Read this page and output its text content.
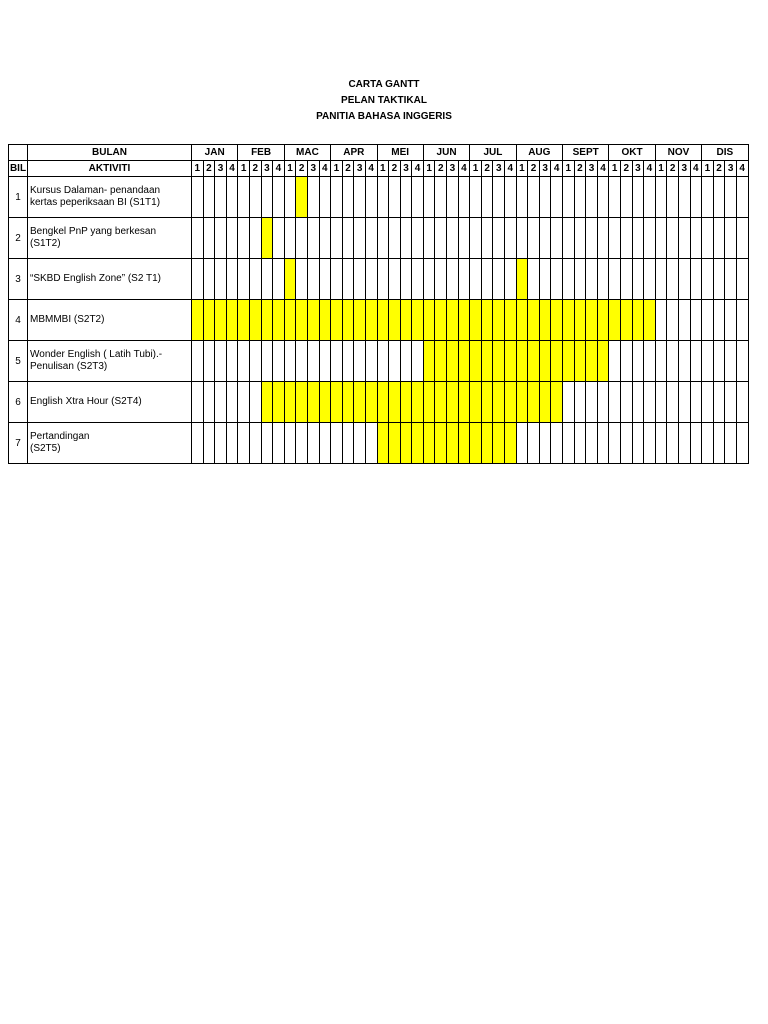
CARTA GANTT
PELAN TAKTIKAL
PANITIA BAHASA INGGERIS
	BULAN	JAN				FEB				MAC				APR				MEI				JUN				JUL				AUG				SEPT				OKT				NOV				DIS			
BIL	AKTIVITI	1	2	3	4	1	2	3	4	1	2	3	4	1	2	3	4	1	2	3	4	1	2	3	4	1	2	3	4	1	2	3	4	1	2	3	4	1	2	3	4	1	2	3	4	1	2	3	4
1	Kursus Dalaman- penandaan
kertas peperiksaan BI (S1T1)																																																

2	Bengkel PnP yang berkesan
(S1T2)																																																

3	“SKBD English Zone” (S2 T1)																																																

4	MBMMBI (S2T2)																																																

5	Wonder English ( Latih Tubi).-
Penulisan (S2T3)																																																

6	English Xtra Hour (S2T4)																																																

7	Pertandingan
(S2T5)																																																
